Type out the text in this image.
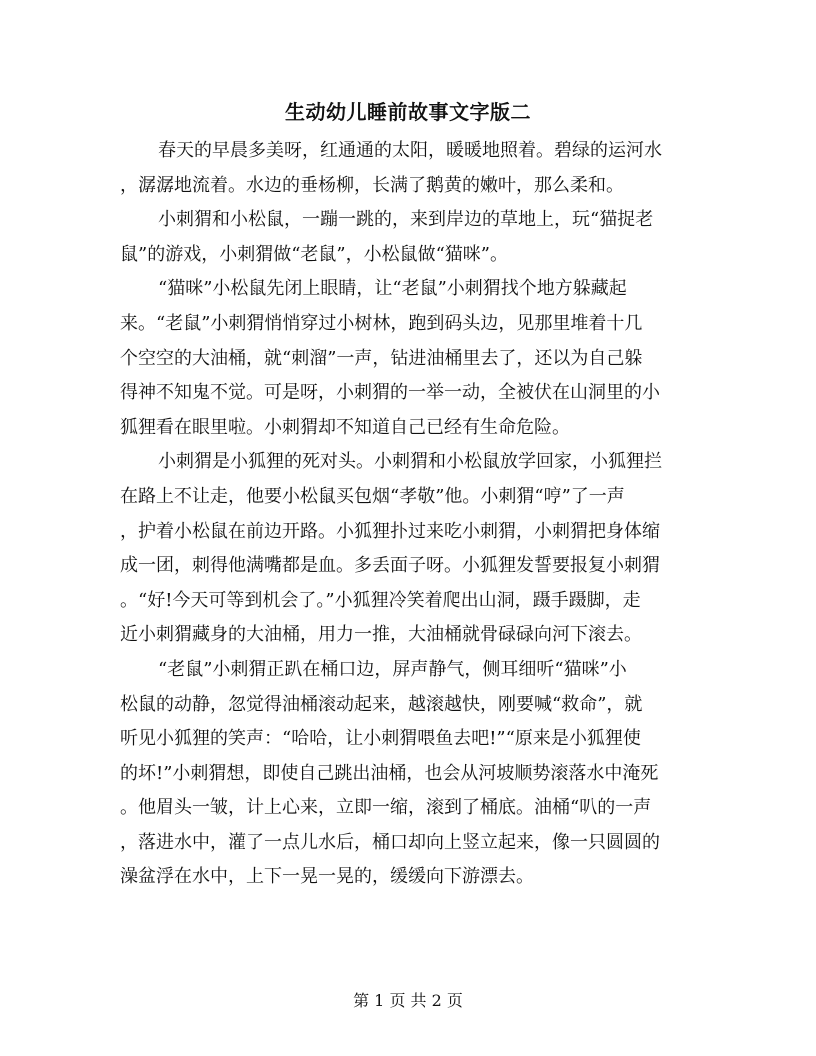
生动幼儿睡前故事文字版二

春天的早晨多美呀，红通通的太阳，暖暖地照着。碧绿的运河水
，潺潺地流着。水边的垂杨柳，长满了鹅黄的嫩叶，那么柔和。

小刺猬和小松鼠，一蹦一跳的，来到岸边的草地上，玩“猫捉老
鼠”的游戏，小刺猬做“老鼠”，小松鼠做“猫咪”。

“猫咪”小松鼠先闭上眼睛，让“老鼠”小刺猬找个地方躲藏起
来。“老鼠”小刺猬悄悄穿过小树林，跑到码头边，见那里堆着十几
个空空的大油桶，就“刺溜”一声，钻进油桶里去了，还以为自己躲
得神不知鬼不觉。可是呀，小刺猬的一举一动，全被伏在山洞里的小
狐狸看在眼里啦。小刺猬却不知道自己已经有生命危险。

小刺猬是小狐狸的死对头。小刺猬和小松鼠放学回家，小狐狸拦
在路上不让走，他要小松鼠买包烟“孝敬”他。小刺猬“哼”了一声
，护着小松鼠在前边开路。小狐狸扑过来吃小刺猬，小刺猬把身体缩
成一团，刺得他满嘴都是血。多丢面子呀。小狐狸发誓要报复小刺猬
。“好!今天可等到机会了。”小狐狸冷笑着爬出山洞，蹑手蹑脚，走
近小刺猬藏身的大油桶，用力一推，大油桶就骨碌碌向河下滚去。

“老鼠”小刺猬正趴在桶口边，屏声静气，侧耳细听“猫咪”小
松鼠的动静，忽觉得油桶滚动起来，越滚越快，刚要喊“救命”，就
听见小狐狸的笑声：“哈哈，让小刺猬喂鱼去吧!”“原来是小狐狸使
的坏!”小刺猬想，即使自己跳出油桶，也会从河坡顺势滚落水中淹死
。他眉头一皱，计上心来，立即一缩，滚到了桶底。油桶“叭的一声
，落进水中，灌了一点儿水后，桶口却向上竖立起来，像一只圆圆的
澡盆浮在水中，上下一晃一晃的，缓缓向下游漂去。

第 1 页 共 2 页
